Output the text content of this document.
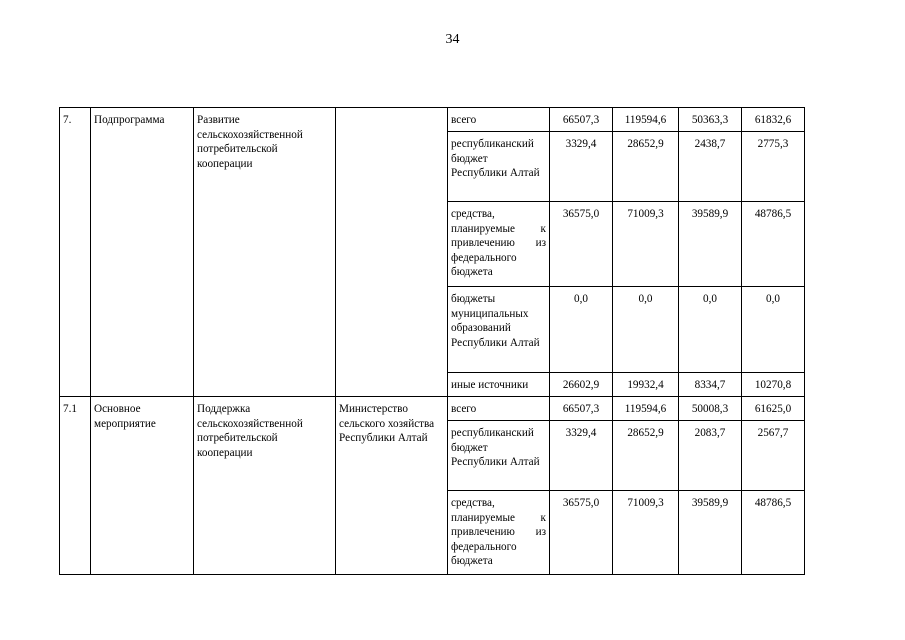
34
7.	Подпрограмма	Развитие сельскохозяйственной потребительской кооперации		всего	66507,3	119594,6	50363,3	61832,6
				республиканский бюджет Республики Алтай	3329,4	28652,9	2438,7	2775,3
				средства, планируемые к привлечению из федерального бюджета	36575,0	71009,3	39589,9	48786,5
				бюджеты муниципальных образований Республики Алтай	0,0	0,0	0,0	0,0
				иные источники	26602,9	19932,4	8334,7	10270,8
7.1	Основное мероприятие	Поддержка сельскохозяйственной потребительской кооперации	Министерство сельского хозяйства Республики Алтай	всего	66507,3	119594,6	50008,3	61625,0
				республиканский бюджет Республики Алтай	3329,4	28652,9	2083,7	2567,7
				средства, планируемые к привлечению из федерального бюджета	36575,0	71009,3	39589,9	48786,5
